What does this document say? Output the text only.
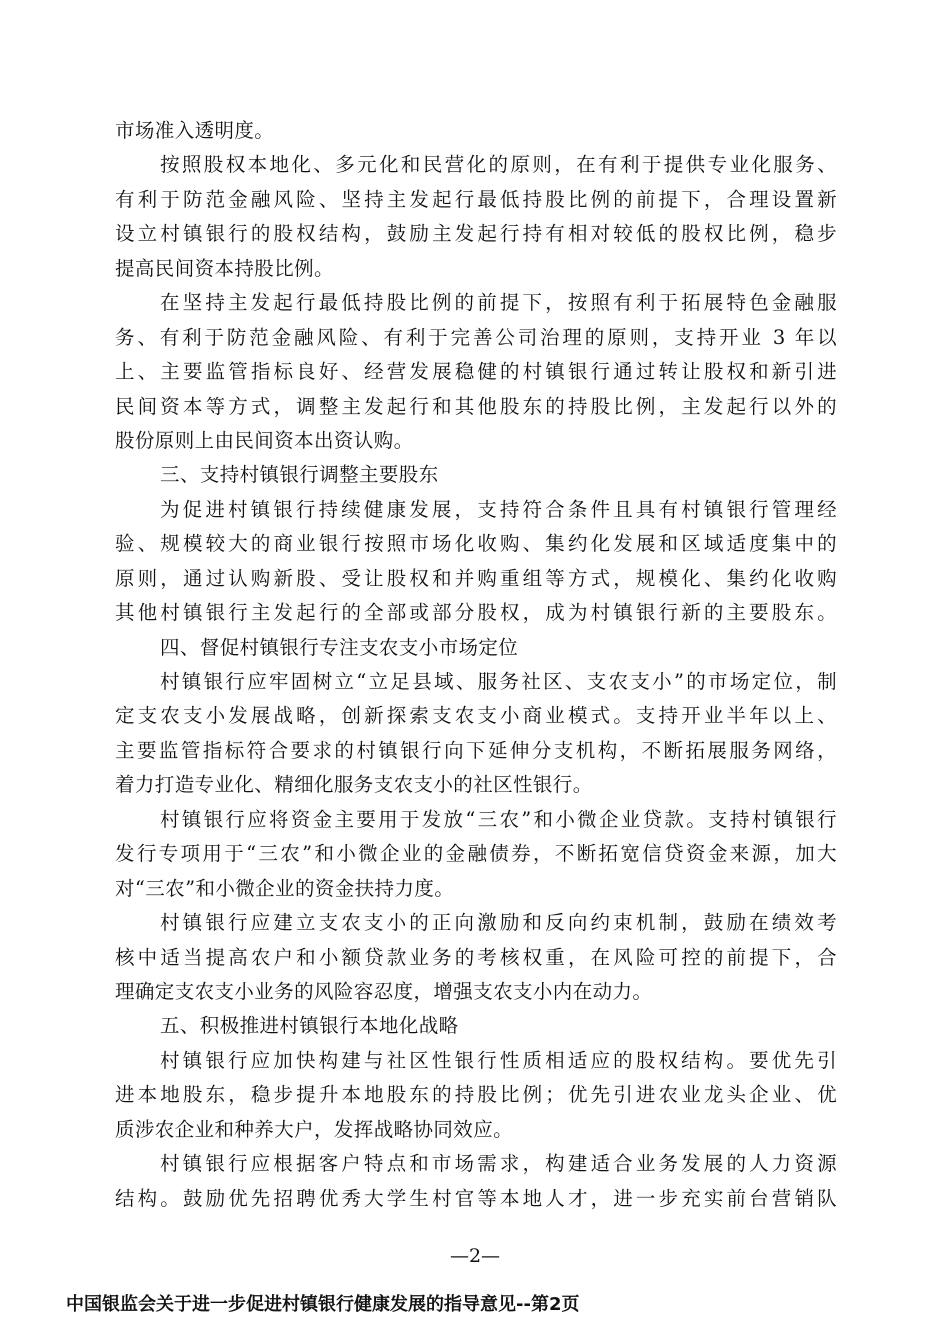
市场准入透明度。
按照股权本地化、多元化和民营化的原则，在有利于提供专业化服务、
有利于防范金融风险、坚持主发起行最低持股比例的前提下，合理设置新
设立村镇银行的股权结构，鼓励主发起行持有相对较低的股权比例，稳步
提高民间资本持股比例。
在坚持主发起行最低持股比例的前提下，按照有利于拓展特色金融服
务、有利于防范金融风险、有利于完善公司治理的原则，支持开业 3 年以
上、主要监管指标良好、经营发展稳健的村镇银行通过转让股权和新引进
民间资本等方式，调整主发起行和其他股东的持股比例，主发起行以外的
股份原则上由民间资本出资认购。
三、支持村镇银行调整主要股东
为促进村镇银行持续健康发展，支持符合条件且具有村镇银行管理经
验、规模较大的商业银行按照市场化收购、集约化发展和区域适度集中的
原则，通过认购新股、受让股权和并购重组等方式，规模化、集约化收购
其他村镇银行主发起行的全部或部分股权，成为村镇银行新的主要股东。
四、督促村镇银行专注支农支小市场定位
村镇银行应牢固树立“立足县域、服务社区、支农支小”的市场定位，制
定支农支小发展战略，创新探索支农支小商业模式。支持开业半年以上、
主要监管指标符合要求的村镇银行向下延伸分支机构，不断拓展服务网络，
着力打造专业化、精细化服务支农支小的社区性银行。
村镇银行应将资金主要用于发放“三农”和小微企业贷款。支持村镇银行
发行专项用于“三农”和小微企业的金融债券，不断拓宽信贷资金来源，加大
对“三农”和小微企业的资金扶持力度。
村镇银行应建立支农支小的正向激励和反向约束机制，鼓励在绩效考
核中适当提高农户和小额贷款业务的考核权重，在风险可控的前提下，合
理确定支农支小业务的风险容忍度，增强支农支小内在动力。
五、积极推进村镇银行本地化战略
村镇银行应加快构建与社区性银行性质相适应的股权结构。要优先引
进本地股东，稳步提升本地股东的持股比例；优先引进农业龙头企业、优
质涉农企业和种养大户，发挥战略协同效应。
村镇银行应根据客户特点和市场需求，构建适合业务发展的人力资源
结构。鼓励优先招聘优秀大学生村官等本地人才，进一步充实前台营销队
—2—
中国银监会关于进一步促进村镇银行健康发展的指导意见--第2页
